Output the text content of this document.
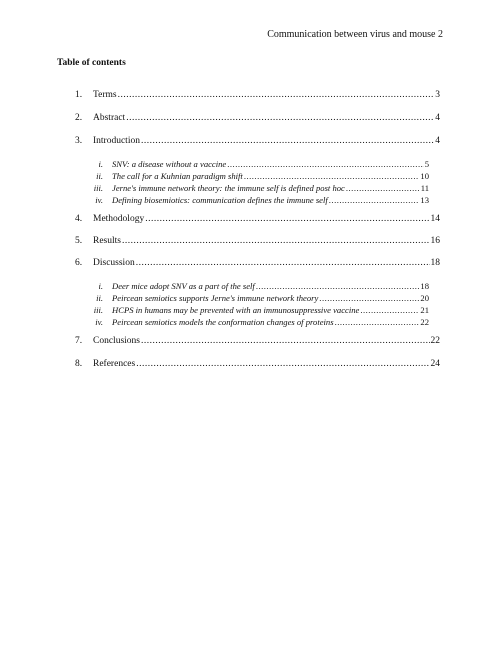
Communication between virus and mouse 2
Table of contents
1.	Terms .....	3
2.	Abstract .....	4
3.	Introduction .....	4
i.	SNV: a disease without a vaccine .....	5
ii.	The call for a Kuhnian paradigm shift .....	10
iii.	Jerne's immune network theory: the immune self is defined post hoc .....	11
iv.	Defining biosemiotics: communication defines the immune self .....	13
4.	Methodology .....	14
5.	Results .....	16
6.	Discussion .....	18
i.	Deer mice adopt SNV as a part of the self .....	18
ii.	Peircean semiotics supports Jerne's immune network theory .....	20
iii.	HCPS in humans may be prevented with an immunosuppressive vaccine .....	21
iv.	Peircean semiotics models the conformation changes of proteins .....	22
7.	Conclusions .....	22
8.	References .....	24
